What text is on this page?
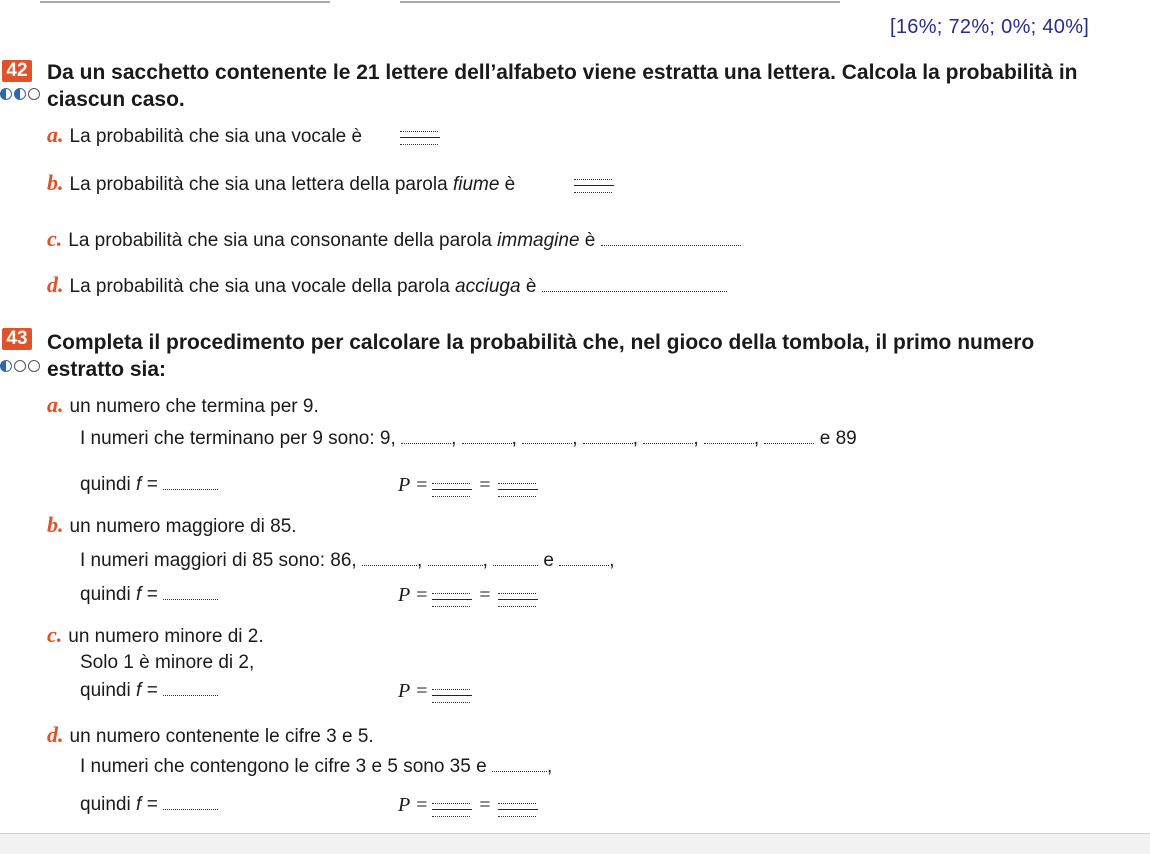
[16%; 72%; 0%; 40%]
42 Da un sacchetto contenente le 21 lettere dell’alfabeto viene estratta una lettera. Calcola la probabilità in
ciascun caso.
a. La probabilità che sia una vocale è
b. La probabilità che sia una lettera della parola fiume è
c. La probabilità che sia una consonante della parola immagine è
d. La probabilità che sia una vocale della parola acciuga è
43 Completa il procedimento per calcolare la probabilità che, nel gioco della tombola, il primo numero
estratto sia:
a. un numero che termina per 9.
I numeri che terminano per 9 sono: 9,	,	,	,	,	,	,	e 89
quindi f =	P = =
b. un numero maggiore di 85.
I numeri maggiori di 85 sono: 86,	,	,	e	,
quindi f =	P = =
c. un numero minore di 2.
Solo 1 è minore di 2,
quindi f =	P =
d. un numero contenente le cifre 3 e 5.
I numeri che contengono le cifre 3 e 5 sono 35 e	,
quindi f =	P = =
